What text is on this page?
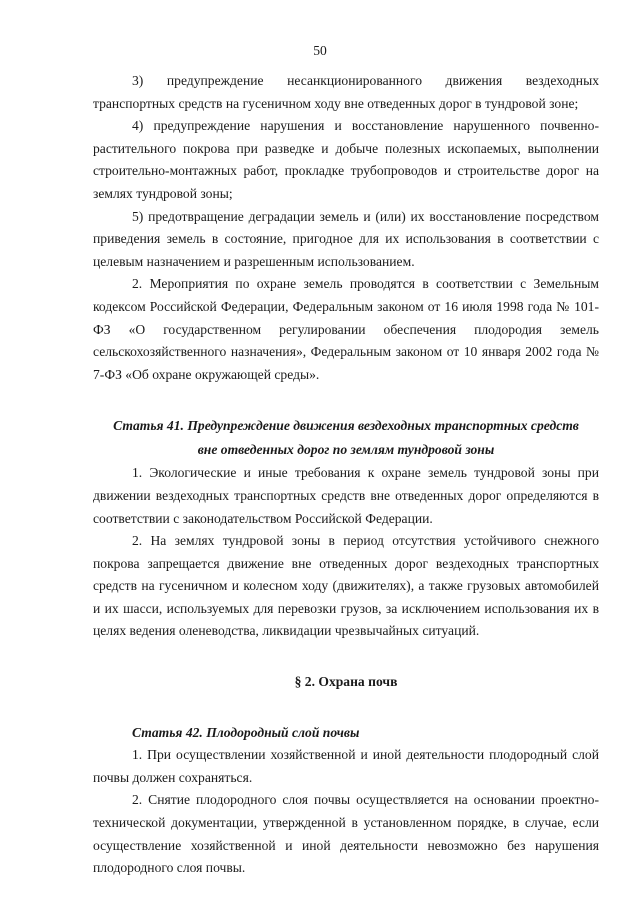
50

3) предупреждение несанкционированного движения вездеходных транспортных средств на гусеничном ходу вне отведенных дорог в тундровой зоне;

4) предупреждение нарушения и восстановление нарушенного почвенно-растительного покрова при разведке и добыче полезных ископаемых, выполнении строительно-монтажных работ, прокладке трубопроводов и строительстве дорог на землях тундровой зоны;

5) предотвращение деградации земель и (или) их восстановление посредством приведения земель в состояние, пригодное для их использования в соответствии с целевым назначением и разрешенным использованием.

2. Мероприятия по охране земель проводятся в соответствии с Земельным кодексом Российской Федерации, Федеральным законом от 16 июля 1998 года № 101-ФЗ «О государственном регулировании обеспечения плодородия земель сельскохозяйственного назначения», Федеральным законом от 10 января 2002 года № 7-ФЗ «Об охране окружающей среды».

Статья 41. Предупреждение движения вездеходных транспортных средств
вне отведенных дорог по землям тундровой зоны

1. Экологические и иные требования к охране земель тундровой зоны при движении вездеходных транспортных средств вне отведенных дорог определяются в соответствии с законодательством Российской Федерации.

2. На землях тундровой зоны в период отсутствия устойчивого снежного покрова запрещается движение вне отведенных дорог вездеходных транспортных средств на гусеничном и колесном ходу (движителях), а также грузовых автомобилей и их шасси, используемых для перевозки грузов, за исключением использования их в целях ведения оленеводства, ликвидации чрезвычайных ситуаций.

§ 2. Охрана почв
Статья 42. Плодородный слой почвы

1. При осуществлении хозяйственной и иной деятельности плодородный слой почвы должен сохраняться.

2. Снятие плодородного слоя почвы осуществляется на основании проектно-технической документации, утвержденной в установленном порядке, в случае, если осуществление хозяйственной и иной деятельности невозможно без нарушения плодородного слоя почвы.
